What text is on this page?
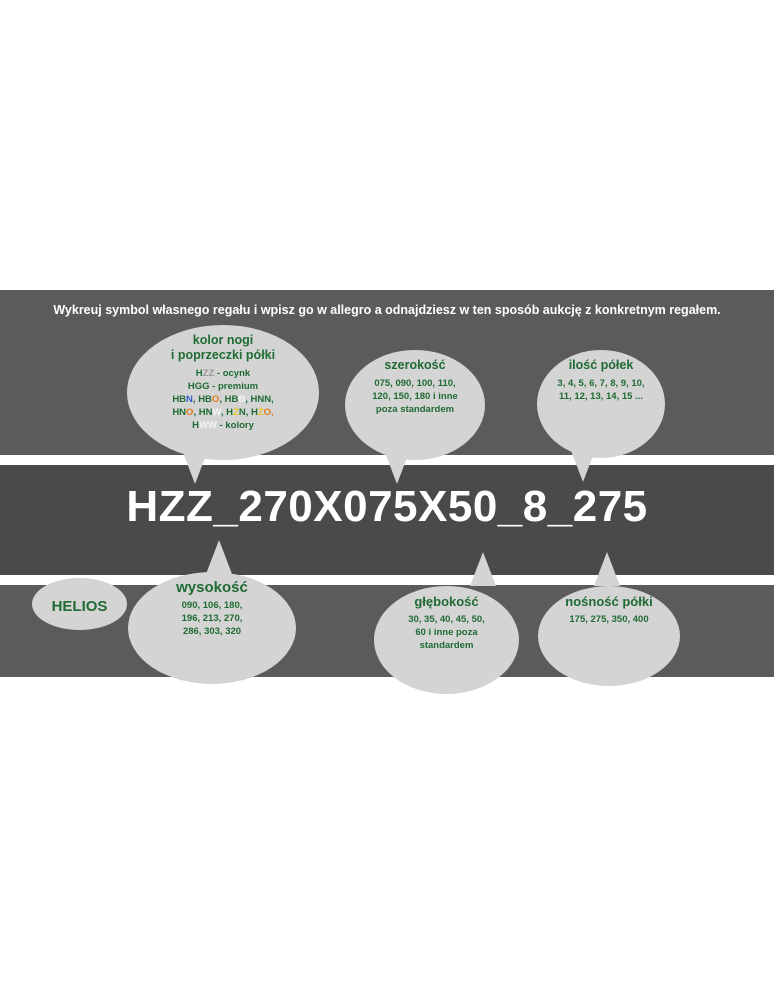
Wykreuj symbol własnego regału i wpisz go w allegro a odnajdziesz w ten sposób aukcję z konkretnym regałem.
HZZ_270X075X50_8_275
kolor nogi
i poprzeczki półki
HZZ - ocynk
HGG - premium
HBN, HBO, HBB, HNN,
HNO, HNW, HŻN, HŻO,
HWW - kolory
szerokość
075, 090, 100, 110,
120, 150, 180 i inne
poza standardem
ilość półek
3, 4, 5, 6, 7, 8, 9, 10,
11, 12, 13, 14, 15 ...
HELIOS
wysokość
090, 106, 180,
196, 213, 270,
286, 303, 320
głębokość
30, 35, 40, 45, 50,
60 i inne poza
standardem
nośność półki
175, 275, 350, 400
